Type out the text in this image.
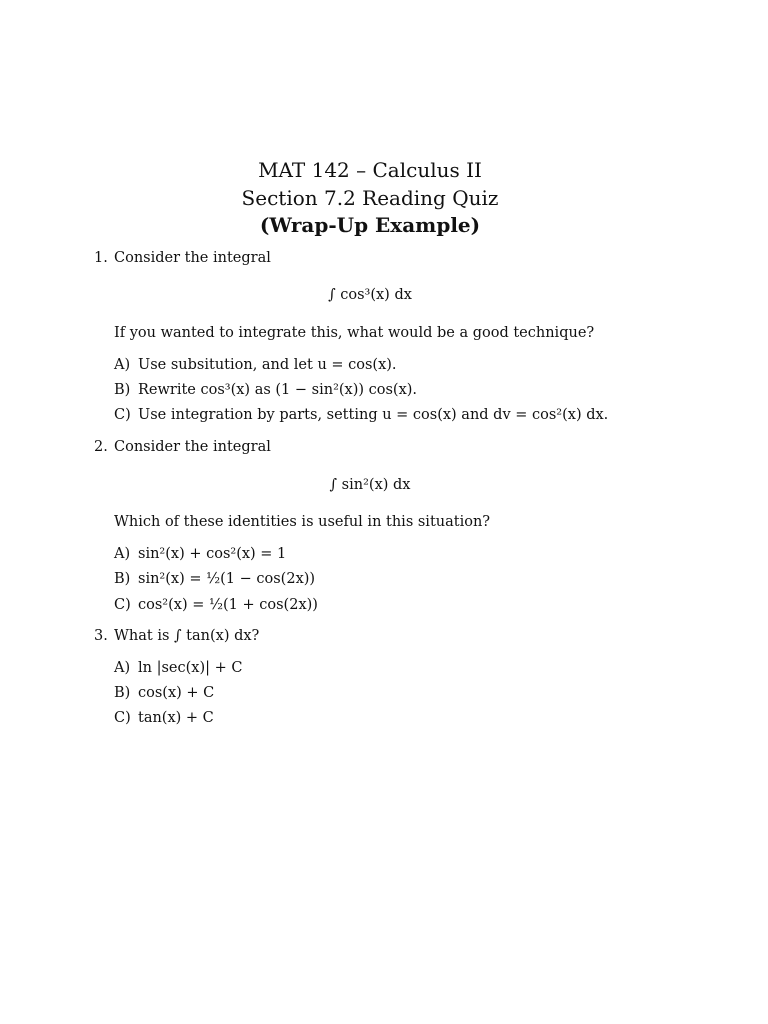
MAT 142 – Calculus II
Section 7.2 Reading Quiz
(Wrap-Up Example)
1. Consider the integral
∫ cos³(x) dx
If you wanted to integrate this, what would be a good technique?
A) Use subsitution, and let u = cos(x).
B) Rewrite cos³(x) as (1 − sin²(x)) cos(x).
C) Use integration by parts, setting u = cos(x) and dv = cos²(x) dx.
2. Consider the integral
∫ sin²(x) dx
Which of these identities is useful in this situation?
A) sin²(x) + cos²(x) = 1
B) sin²(x) = ½(1 − cos(2x))
C) cos²(x) = ½(1 + cos(2x))
3. What is ∫ tan(x) dx?
A) ln |sec(x)| + C
B) cos(x) + C
C) tan(x) + C
